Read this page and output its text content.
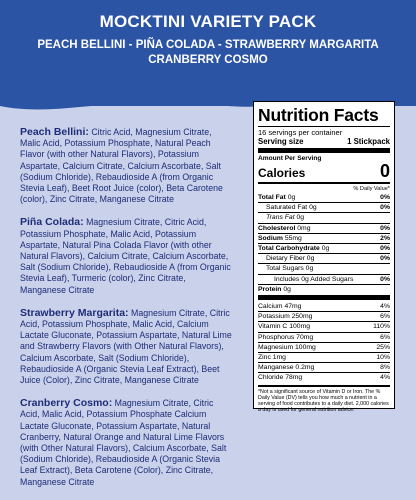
MOCKTINI VARIETY PACK
PEACH BELLINI - PIÑA COLADA - STRAWBERRY MARGARITA
CRANBERRY COSMO

Peach Bellini: Citric Acid, Magnesium Citrate, Malic Acid, Potassium Phosphate, Natural Peach Flavor (with other Natural Flavors), Potassium Aspartate, Calcium Citrate, Calcium Ascorbate, Salt (Sodium Chloride), Rebaudioside A (from Organic Stevia Leaf), Beet Root Juice (color), Beta Carotene (color), Zinc Citrate, Manganese Citrate

Piña Colada: Magnesium Citrate, Citric Acid, Potassium Phosphate, Malic Acid, Potassium Aspartate, Natural Pina Colada Flavor (with other Natural Flavors), Calcium Citrate, Calcium Ascorbate, Salt (Sodium Chloride), Rebaudioside A (from Organic Stevia Leaf), Turmeric (color), Zinc Citrate, Manganese Citrate

Strawberry Margarita: Magnesium Citrate, Citric Acid, Potassium Phosphate, Malic Acid, Calcium Lactate Gluconate, Potassium Aspartate, Natural Lime and Strawberry Flavors (with Other Natural Flavors), Calcium Ascorbate, Salt (Sodium Chloride), Rebaudioside A (Organic Stevia Leaf Extract), Beet Juice (Color), Zinc Citrate, Manganese Citrate

Cranberry Cosmo: Magnesium Citrate, Citric Acid, Malic Acid, Potassium Phosphate Calcium Lactate Gluconate, Potassium Aspartate, Natural Cranberry, Natural Orange and Natural Lime Flavors (with Other Natural Flavors), Calcium Ascorbate, Salt (Sodium Chloride), Rebaudioside A (Organic Stevia Leaf Extract), Beta Carotene (Color), Zinc Citrate, Manganese Citrate

Nutrition Facts
16 servings per container
Serving size	1 Stickpack
Amount Per Serving
Calories	0
% Daily Value*
Total Fat 0g	0%
Saturated Fat 0g	0%
Trans Fat 0g
Cholesterol 0mg	0%
Sodium 55mg	2%
Total Carbohydrate 0g	0%
Dietary Fiber 0g	0%
Total Sugars 0g
Includes 0g Added Sugars	0%
Protein 0g
Calcium 47mg	4%
Potassium 250mg	6%
Vitamin C 100mg	110%
Phosphorus 70mg	6%
Magnesium 100mg	25%
Zinc 1mg	10%
Manganese 0.2mg	8%
Chloride 78mg	4%
*Not a significant source of Vitamin D or Iron. The % Daily Value (DV) tells you how much a nutrient in a serving of food contributes to a daily diet. 2,000 calories a day is used for general nutrition advice.
